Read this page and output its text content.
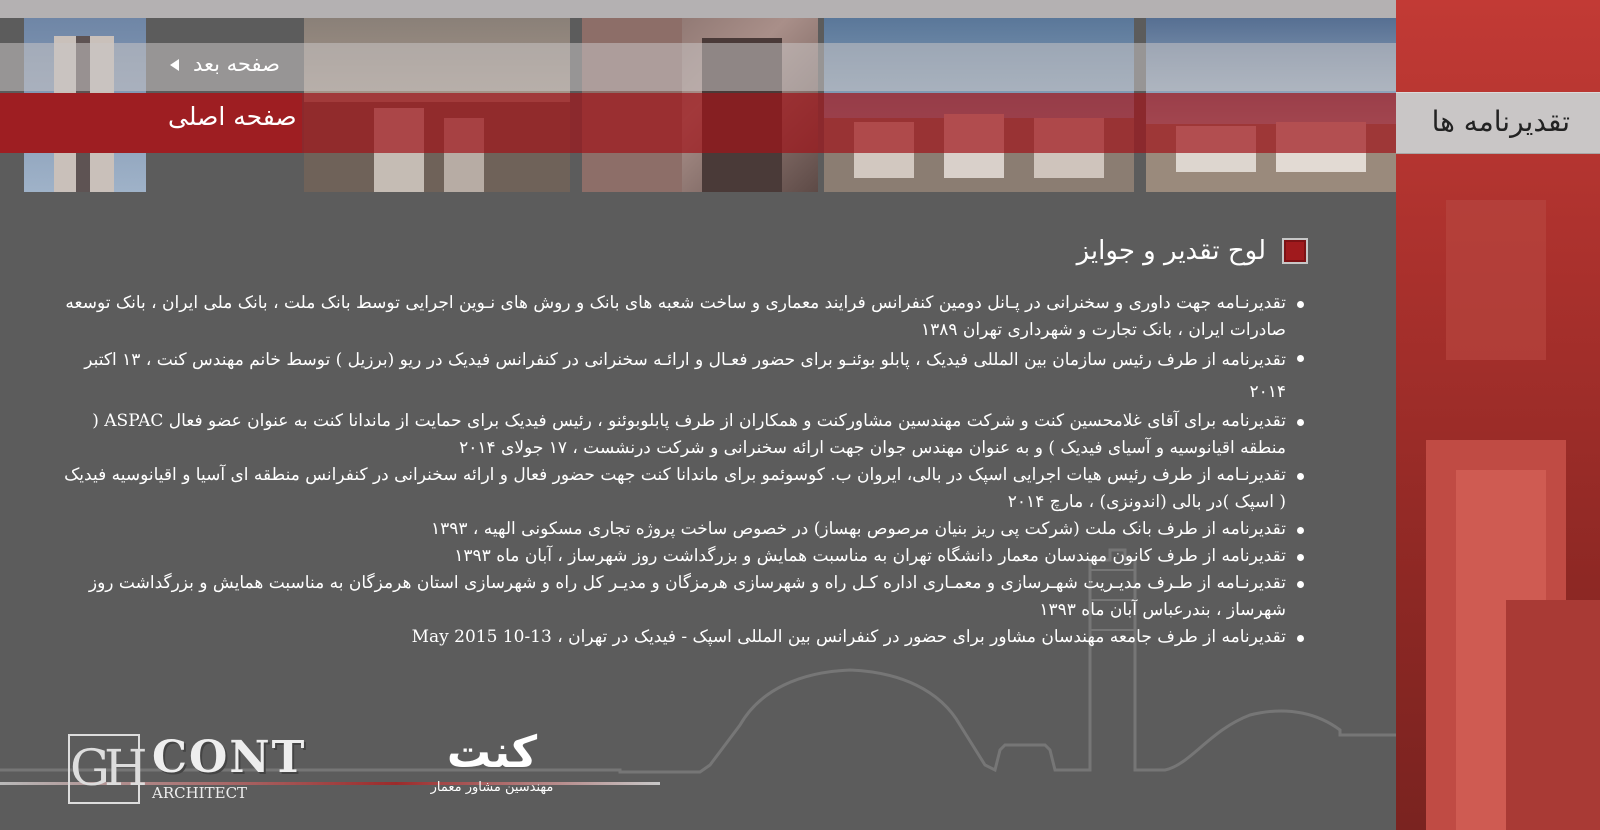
تقدیرنامه ها
صفحه بعد
صفحه اصلی
لوح تقدیر و جوایز
تقدیرنـامه جهت داوری و سخنرانی در پـانل دومین کنفرانس فرایند معماری و ساخت شعبه های بانک و روش های نـوین اجرایی توسط بانک ملت ، بانک ملی ایران ، بانک توسعه صادرات ایران ، بانک تجارت و شهرداری تهران ۱۳۸۹
تقدیرنامه از طرف رئیس سازمان بین المللی فیدیک ، پابلو بوئنـو برای حضور فعـال و ارائـه سخنرانی در کنفرانس فیدیک در ریو (برزیل ) توسط خانم مهندس کنت ، ۱۳ اکتبر ۲۰۱۴
تقدیرنامه برای آقای غلامحسین کنت و شرکت مهندسین مشاورکنت و همکاران از طرف پابلوبوئنو ، رئیس فیدیک برای حمایت از ماندانا کنت به عنوان عضو فعال ASPAC ( منطقه اقیانوسیه و آسیای فیدیک ) و به عنوان مهندس جوان جهت ارائه سخنرانی و شرکت درنشست ، ۱۷ جولای ۲۰۱۴
تقدیرنـامه از طرف رئیس هیات اجرایی اسپک در بالی، ایروان ب. کوسوئمو برای ماندانا کنت جهت حضور فعال و ارائه سخنرانی در کنفرانس منطقه ای آسیا و اقیانوسیه فیدیک ( اسپک )در بالی (اندونزی) ، مارچ ۲۰۱۴
تقدیرنامه از طرف بانک ملت (شرکت پی ریز بنیان مرصوص بهساز) در خصوص ساخت پروژه تجاری مسکونی الهیه ، ۱۳۹۳
تقدیرنامه از طرف کانون مهندسان معمار دانشگاه تهران به مناسبت همایش و بزرگداشت روز شهرساز ، آبان ماه ۱۳۹۳
تقدیرنـامه از طـرف مدیـریت شهـرسازی و معمـاری اداره کـل راه و شهرسازی هرمزگان و مدیـر کل راه و شهرسازی استان هرمزگان به مناسبت همایش و بزرگداشت روز شهرساز ، بندرعباس آبان ماه ۱۳۹۳
تقدیرنامه از طرف جامعه مهندسان مشاور برای حضور در کنفرانس بین المللی اسپک - فیدیک در تهران ، May 2015 10-13
GH CONT
ARCHITECT
کنت
مهندسین مشاور معمار
